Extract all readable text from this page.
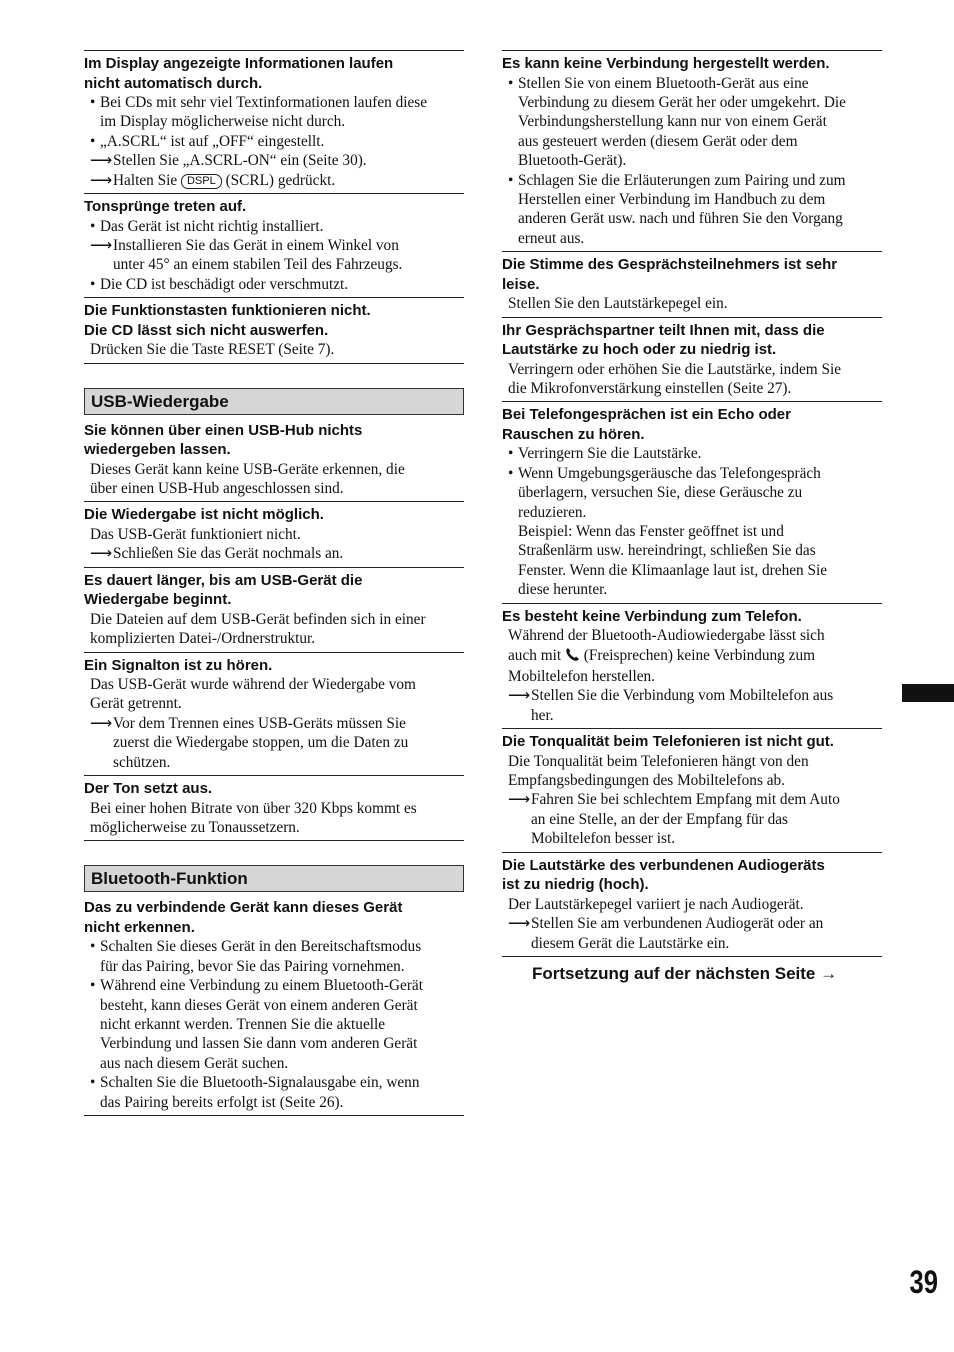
Im Display angezeigte Informationen laufen
nicht automatisch durch.

• Bei CDs mit sehr viel Textinformationen laufen diese
im Display möglicherweise nicht durch.

• „A.SCRL“ ist auf „OFF“ eingestellt.

⟶ Stellen Sie „A.SCRL-ON“ ein (Seite 30).

⟶ Halten Sie DSPL (SCRL) gedrückt.

Tonsprünge treten auf.

• Das Gerät ist nicht richtig installiert.

⟶ Installieren Sie das Gerät in einem Winkel von
unter 45° an einem stabilen Teil des Fahrzeugs.

• Die CD ist beschädigt oder verschmutzt.

Die Funktionstasten funktionieren nicht.
Die CD lässt sich nicht auswerfen.

Drücken Sie die Taste RESET (Seite 7).

USB-Wiedergabe

Sie können über einen USB-Hub nichts
wiedergeben lassen.

Dieses Gerät kann keine USB-Geräte erkennen, die
über einen USB-Hub angeschlossen sind.

Die Wiedergabe ist nicht möglich.

Das USB-Gerät funktioniert nicht.

⟶ Schließen Sie das Gerät nochmals an.

Es dauert länger, bis am USB-Gerät die
Wiedergabe beginnt.

Die Dateien auf dem USB-Gerät befinden sich in einer
komplizierten Datei-/Ordnerstruktur.

Ein Signalton ist zu hören.

Das USB-Gerät wurde während der Wiedergabe vom
Gerät getrennt.

⟶ Vor dem Trennen eines USB-Geräts müssen Sie
zuerst die Wiedergabe stoppen, um die Daten zu
schützen.

Der Ton setzt aus.

Bei einer hohen Bitrate von über 320 Kbps kommt es
möglicherweise zu Tonaussetzern.

Bluetooth-Funktion

Das zu verbindende Gerät kann dieses Gerät
nicht erkennen.

• Schalten Sie dieses Gerät in den Bereitschaftsmodus
für das Pairing, bevor Sie das Pairing vornehmen.

• Während eine Verbindung zu einem Bluetooth-Gerät
besteht, kann dieses Gerät von einem anderen Gerät
nicht erkannt werden. Trennen Sie die aktuelle
Verbindung und lassen Sie dann vom anderen Gerät
aus nach diesem Gerät suchen.

• Schalten Sie die Bluetooth-Signalausgabe ein, wenn
das Pairing bereits erfolgt ist (Seite 26).

Es kann keine Verbindung hergestellt werden.

• Stellen Sie von einem Bluetooth-Gerät aus eine
Verbindung zu diesem Gerät her oder umgekehrt. Die
Verbindungsherstellung kann nur von einem Gerät
aus gesteuert werden (diesem Gerät oder dem
Bluetooth-Gerät).

• Schlagen Sie die Erläuterungen zum Pairing und zum
Herstellen einer Verbindung im Handbuch zu dem
anderen Gerät usw. nach und führen Sie den Vorgang
erneut aus.

Die Stimme des Gesprächsteilnehmers ist sehr
leise.

Stellen Sie den Lautstärkepegel ein.

Ihr Gesprächspartner teilt Ihnen mit, dass die
Lautstärke zu hoch oder zu niedrig ist.

Verringern oder erhöhen Sie die Lautstärke, indem Sie
die Mikrofonverstärkung einstellen (Seite 27).

Bei Telefongesprächen ist ein Echo oder
Rauschen zu hören.

• Verringern Sie die Lautstärke.

• Wenn Umgebungsgeräusche das Telefongespräch
überlagern, versuchen Sie, diese Geräusche zu
reduzieren.

Beispiel: Wenn das Fenster geöffnet ist und
Straßenlärm usw. hereindringt, schließen Sie das
Fenster. Wenn die Klimaanlage laut ist, drehen Sie
diese herunter.

Es besteht keine Verbindung zum Telefon.

Während der Bluetooth-Audiowiedergabe lässt sich
auch mit (Freisprechen) keine Verbindung zum
Mobiltelefon herstellen.

⟶ Stellen Sie die Verbindung vom Mobiltelefon aus
her.

Die Tonqualität beim Telefonieren ist nicht gut.

Die Tonqualität beim Telefonieren hängt von den
Empfangsbedingungen des Mobiltelefons ab.

⟶ Fahren Sie bei schlechtem Empfang mit dem Auto
an eine Stelle, an der der Empfang für das
Mobiltelefon besser ist.

Die Lautstärke des verbundenen Audiogeräts
ist zu niedrig (hoch).

Der Lautstärkepegel variiert je nach Audiogerät.

⟶ Stellen Sie am verbundenen Audiogerät oder an
diesem Gerät die Lautstärke ein.

Fortsetzung auf der nächsten Seite →
39
